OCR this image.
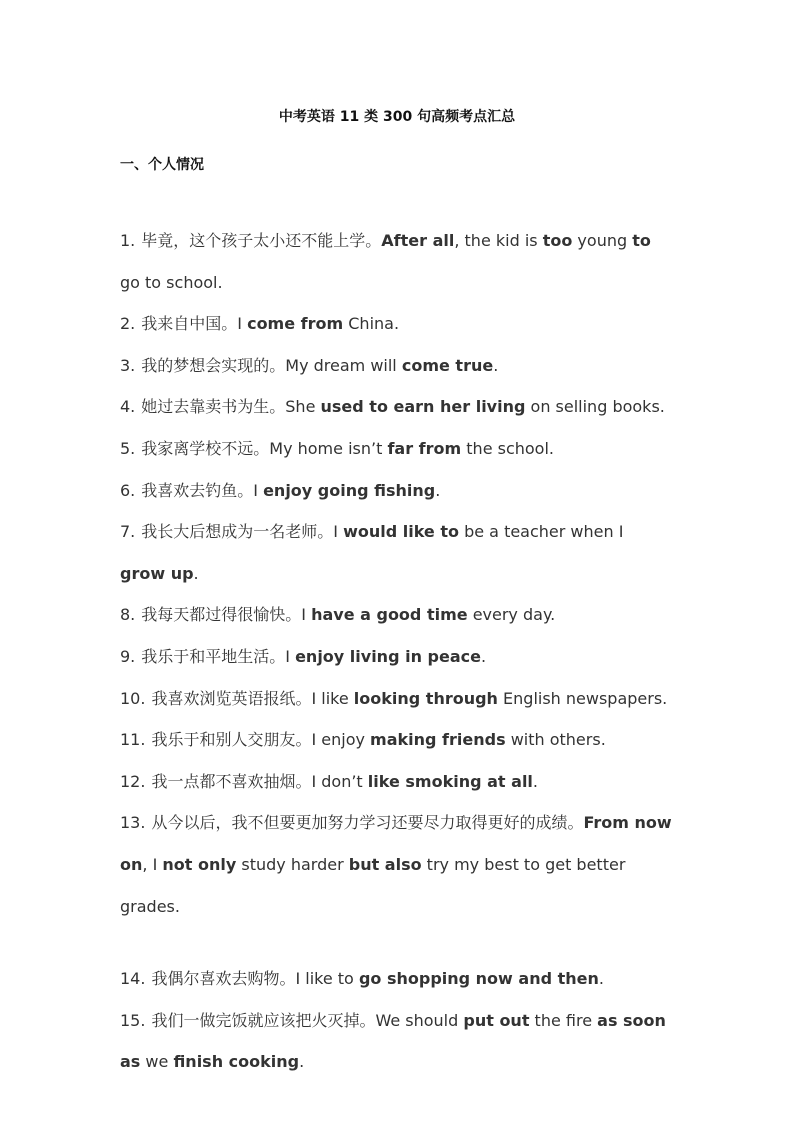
中考英语 11 类 300 句高频考点汇总
一、个人情况
1. 毕竟，这个孩子太小还不能上学。After all, the kid is too young to go to school.
2. 我来自中国。I come from China.
3. 我的梦想会实现的。My dream will come true.
4. 她过去靠卖书为生。She used to earn her living on selling books.
5. 我家离学校不远。My home isn’t far from the school.
6. 我喜欢去钓鱼。I enjoy going fishing.
7. 我长大后想成为一名老师。I would like to be a teacher when I grow up.
8. 我每天都过得很愉快。I have a good time every day.
9. 我乐于和平地生活。I enjoy living in peace.
10. 我喜欢浏览英语报纸。I like looking through English newspapers.
11. 我乐于和别人交朋友。I enjoy making friends with others.
12. 我一点都不喜欢抽烟。I don’t like smoking at all.
13. 从今以后，我不但要更加努力学习还要尽力取得更好的成绩。From now on, I not only study harder but also try my best to get better grades.
14. 我偶尔喜欢去购物。I like to go shopping now and then.
15. 我们一做完饭就应该把火灭掉。We should put out the fire as soon as we finish cooking.
